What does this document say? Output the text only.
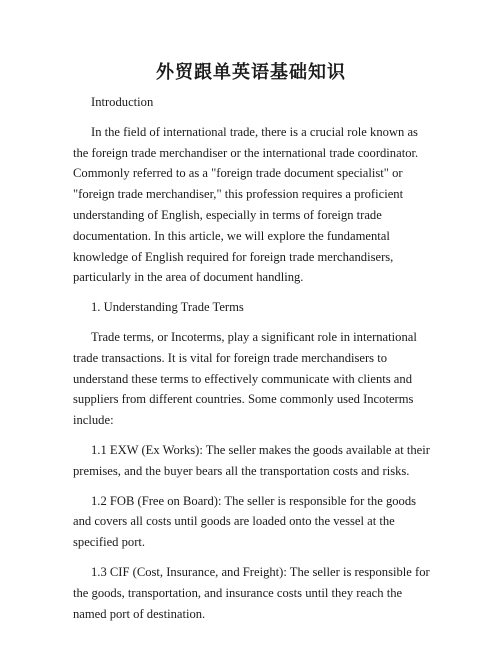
外贸跟单英语基础知识

Introduction

In the field of international trade, there is a crucial role known as the foreign trade merchandiser or the international trade coordinator. Commonly referred to as a "foreign trade document specialist" or "foreign trade merchandiser," this profession requires a proficient understanding of English, especially in terms of foreign trade documentation. In this article, we will explore the fundamental knowledge of English required for foreign trade merchandisers, particularly in the area of document handling.

1. Understanding Trade Terms

Trade terms, or Incoterms, play a significant role in international trade transactions. It is vital for foreign trade merchandisers to understand these terms to effectively communicate with clients and suppliers from different countries. Some commonly used Incoterms include:

1.1 EXW (Ex Works): The seller makes the goods available at their premises, and the buyer bears all the transportation costs and risks.

1.2 FOB (Free on Board): The seller is responsible for the goods and covers all costs until goods are loaded onto the vessel at the specified port.

1.3 CIF (Cost, Insurance, and Freight): The seller is responsible for the goods, transportation, and insurance costs until they reach the named port of destination.
